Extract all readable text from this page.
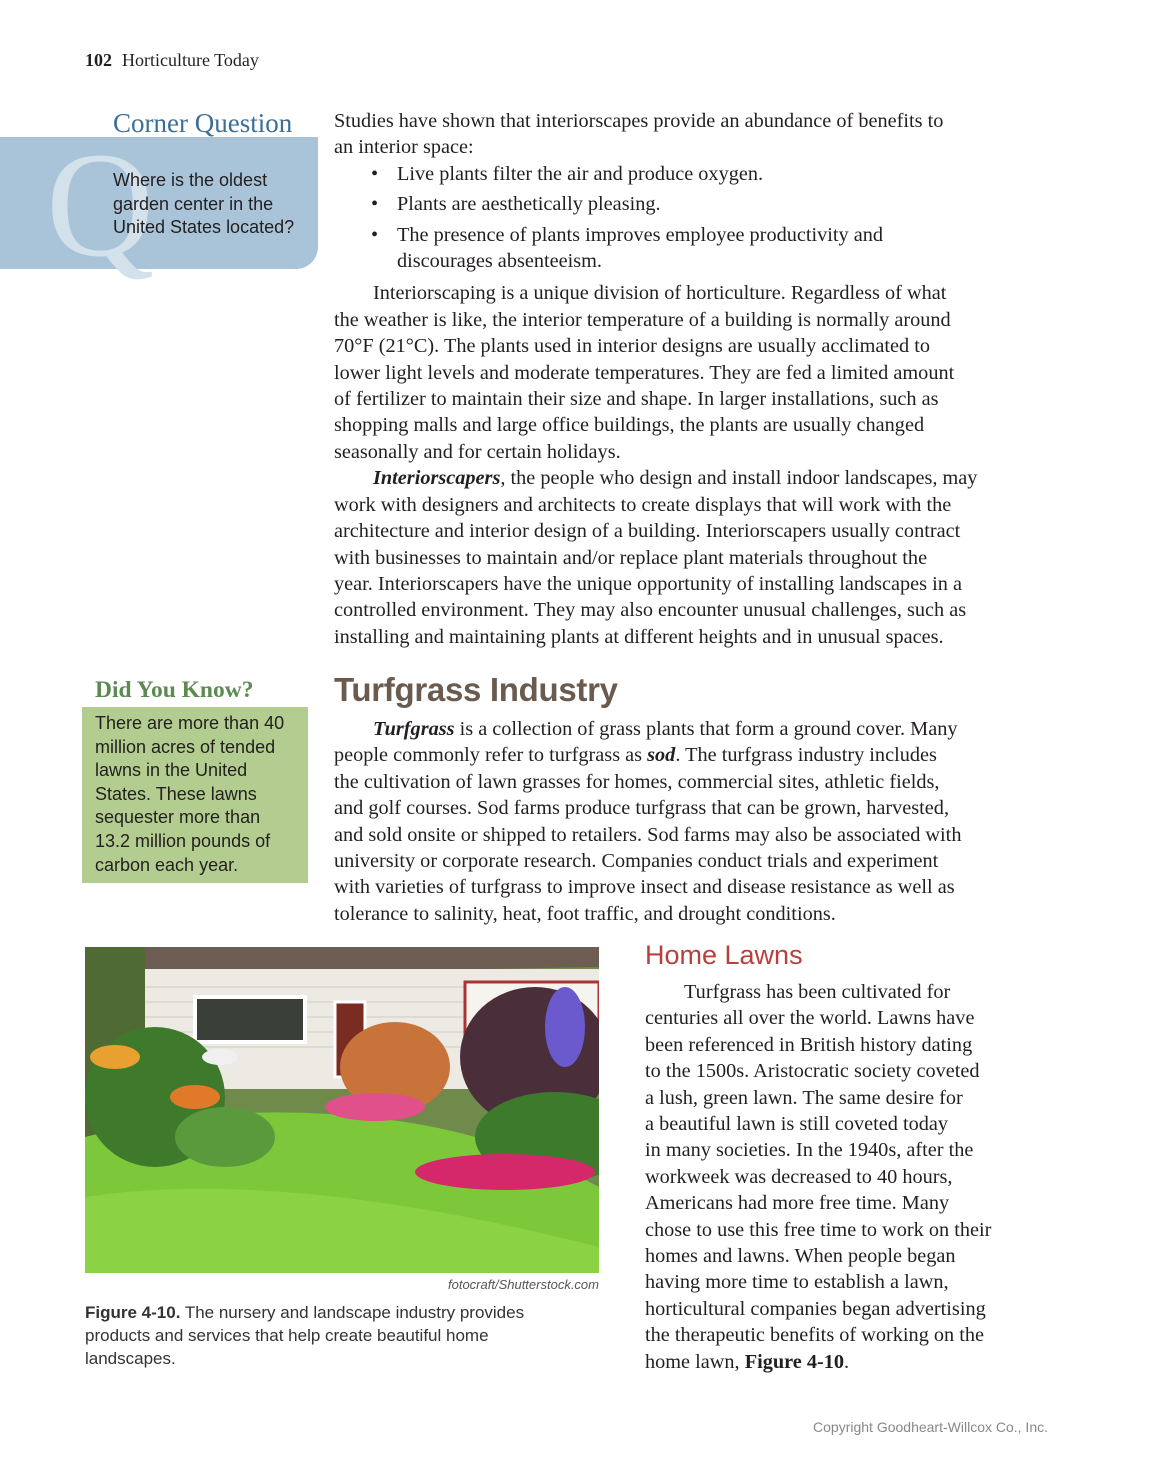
102 Horticulture Today
Q
Corner Question
Where is the oldest
garden center in the
United States located?
Studies have shown that interiorscapes provide an abundance of benefits to
an interior space:
• Live plants filter the air and produce oxygen.
• Plants are aesthetically pleasing.
• The presence of plants improves employee productivity and
discourages absenteeism.
Interiorscaping is a unique division of horticulture. Regardless of what
the weather is like, the interior temperature of a building is normally around
70°F (21°C). The plants used in interior designs are usually acclimated to
lower light levels and moderate temperatures. They are fed a limited amount
of fertilizer to maintain their size and shape. In larger installations, such as
shopping malls and large office buildings, the plants are usually changed
seasonally and for certain holidays.
Interiorscapers, the people who design and install indoor landscapes, may
work with designers and architects to create displays that will work with the
architecture and interior design of a building. Interiorscapers usually contract
with businesses to maintain and/or replace plant materials throughout the
year. Interiorscapers have the unique opportunity of installing landscapes in a
controlled environment. They may also encounter unusual challenges, such as
installing and maintaining plants at different heights and in unusual spaces.
Did You Know?
There are more than 40
million acres of tended
lawns in the United
States. These lawns
sequester more than
13.2 million pounds of
carbon each year.
Turfgrass Industry
Turfgrass is a collection of grass plants that form a ground cover. Many
people commonly refer to turfgrass as sod. The turfgrass industry includes
the cultivation of lawn grasses for homes, commercial sites, athletic fields,
and golf courses. Sod farms produce turfgrass that can be grown, harvested,
and sold onsite or shipped to retailers. Sod farms may also be associated with
university or corporate research. Companies conduct trials and experiment
with varieties of turfgrass to improve insect and disease resistance as well as
tolerance to salinity, heat, foot traffic, and drought conditions.
fotocraft/Shutterstock.com
Figure 4-10. The nursery and landscape industry provides
products and services that help create beautiful home
landscapes.
Home Lawns
Turfgrass has been cultivated for
centuries all over the world. Lawns have
been referenced in British history dating
to the 1500s. Aristocratic society coveted
a lush, green lawn. The same desire for
a beautiful lawn is still coveted today
in many societies. In the 1940s, after the
workweek was decreased to 40 hours,
Americans had more free time. Many
chose to use this free time to work on their
homes and lawns. When people began
having more time to establish a lawn,
horticultural companies began advertising
the therapeutic benefits of working on the
home lawn, Figure 4-10.
Copyright Goodheart-Willcox Co., Inc.
